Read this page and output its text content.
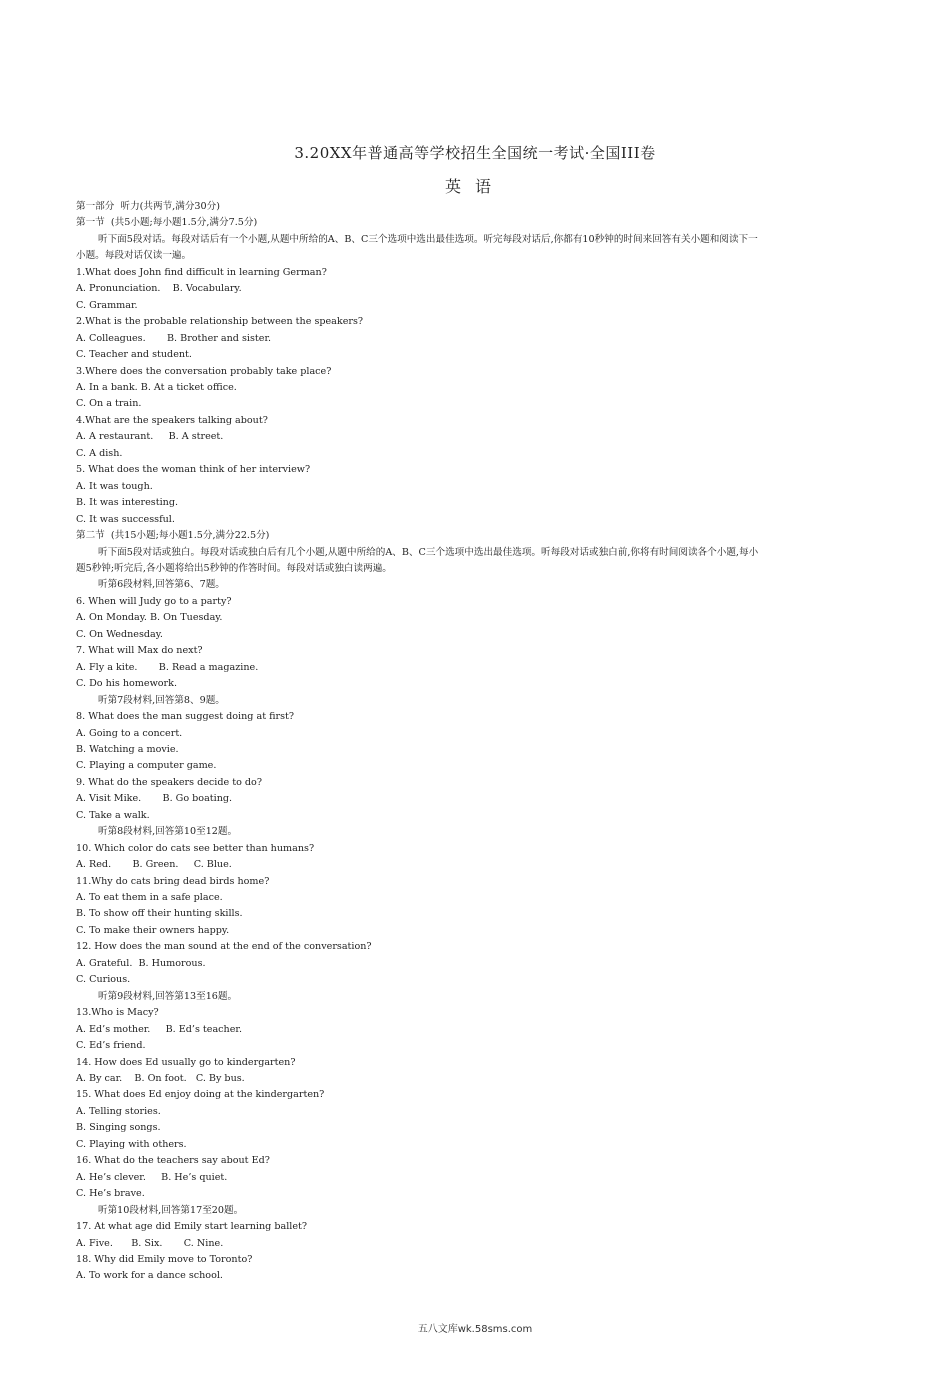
3.20XX年普通高等学校招生全国统一考试·全国III卷
英语
第一部分  听力(共两节,满分30分)
第一节  (共5小题;每小题1.5分,满分7.5分)
听下面5段对话。每段对话后有一个小题,从题中所给的A、B、C三个选项中选出最佳选项。听完每段对话后,你都有10秒钟的时间来回答有关小题和阅读下一
小题。每段对话仅读一遍。
1.What does John find difficult in learning German?
A. Pronunciation.    B. Vocabulary.
C. Grammar.
2.What is the probable relationship between the speakers?
A. Colleagues.       B. Brother and sister.
C. Teacher and student.
3.Where does the conversation probably take place?
A. In a bank. B. At a ticket office.
C. On a train.
4.What are the speakers talking about?
A. A restaurant.     B. A street.
C. A dish.
5. What does the woman think of her interview?
A. It was tough.
B. It was interesting.
C. It was successful.
第二节  (共15小题;每小题1.5分,满分22.5分)
听下面5段对话或独白。每段对话或独白后有几个小题,从题中所给的A、B、C三个选项中选出最佳选项。听每段对话或独白前,你将有时间阅读各个小题,每小
题5秒钟;听完后,各小题将给出5秒钟的作答时间。每段对话或独白读两遍。
听第6段材料,回答第6、7题。
6. When will Judy go to a party?
A. On Monday. B. On Tuesday.
C. On Wednesday.
7. What will Max do next?
A. Fly a kite.       B. Read a magazine.
C. Do his homework.
听第7段材料,回答第8、9题。
8. What does the man suggest doing at first?
A. Going to a concert.
B. Watching a movie.
C. Playing a computer game.
9. What do the speakers decide to do?
A. Visit Mike.       B. Go boating.
C. Take a walk.
听第8段材料,回答第10至12题。
10. Which color do cats see better than humans?
A. Red.       B. Green.     C. Blue.
11.Why do cats bring dead birds home?
A. To eat them in a safe place.
B. To show off their hunting skills.
C. To make their owners happy.
12. How does the man sound at the end of the conversation?
A. Grateful.  B. Humorous.
C. Curious.
听第9段材料,回答第13至16题。
13.Who is Macy?
A. Ed’s mother.     B. Ed’s teacher.
C. Ed’s friend.
14. How does Ed usually go to kindergarten?
A. By car.    B. On foot.   C. By bus.
15. What does Ed enjoy doing at the kindergarten?
A. Telling stories.
B. Singing songs.
C. Playing with others.
16. What do the teachers say about Ed?
A. He’s clever.     B. He’s quiet.
C. He’s brave.
听第10段材料,回答第17至20题。
17. At what age did Emily start learning ballet?
A. Five.      B. Six.       C. Nine.
18. Why did Emily move to Toronto?
A. To work for a dance school.
五八文库wk.58sms.com
